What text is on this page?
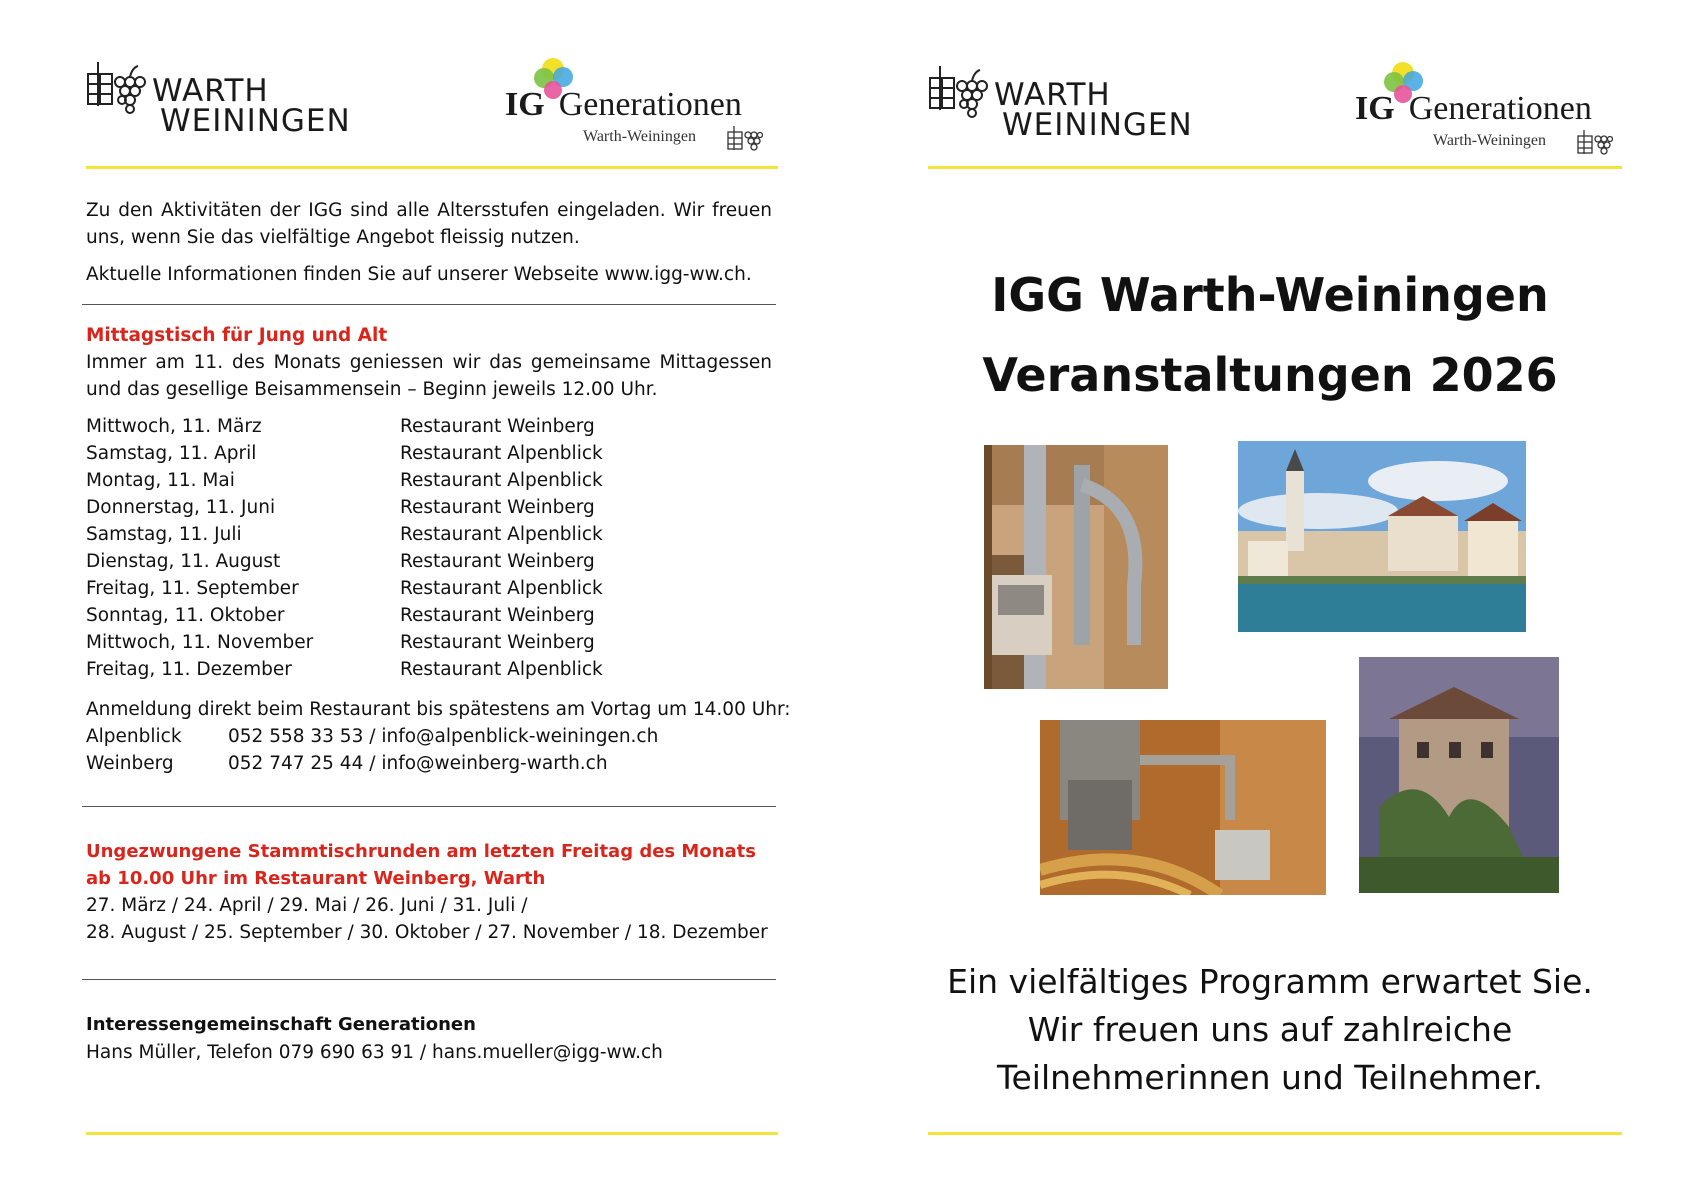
WARTH
WEININGEN	IG Generationen
Warth-Weiningen
Zu den Aktivitäten der IGG sind alle Altersstufen eingeladen. Wir freuen uns, wenn Sie das vielfältige Angebot fleissig nutzen.
Aktuelle Informationen finden Sie auf unserer Webseite www.igg-ww.ch.
Mittagstisch für Jung und Alt
Immer am 11. des Monats geniessen wir das gemeinsame Mittagessen und das gesellige Beisammensein – Beginn jeweils 12.00 Uhr.
Mittwoch, 11. März	Restaurant Weinberg
Samstag, 11. April	Restaurant Alpenblick
Montag, 11. Mai	Restaurant Alpenblick
Donnerstag, 11. Juni	Restaurant Weinberg
Samstag, 11. Juli	Restaurant Alpenblick
Dienstag, 11. August	Restaurant Weinberg
Freitag, 11. September	Restaurant Alpenblick
Sonntag, 11. Oktober	Restaurant Weinberg
Mittwoch, 11. November	Restaurant Weinberg
Freitag, 11. Dezember	Restaurant Alpenblick
Anmeldung direkt beim Restaurant bis spätestens am Vortag um 14.00 Uhr:
Alpenblick	052 558 33 53 / info@alpenblick-weiningen.ch
Weinberg	052 747 25 44 / info@weinberg-warth.ch
Ungezwungene Stammtischrunden am letzten Freitag des Monats
ab 10.00 Uhr im Restaurant Weinberg, Warth
27. März / 24. April / 29. Mai / 26. Juni / 31. Juli /
28. August / 25. September / 30. Oktober / 27. November / 18. Dezember
Interessengemeinschaft Generationen
Hans Müller, Telefon 079 690 63 91 / hans.mueller@igg-ww.ch
WARTH
WEININGEN	IG Generationen
Warth-Weiningen
IGG Warth-Weiningen
Veranstaltungen 2026
Ein vielfältiges Programm erwartet Sie.
Wir freuen uns auf zahlreiche
Teilnehmerinnen und Teilnehmer.
